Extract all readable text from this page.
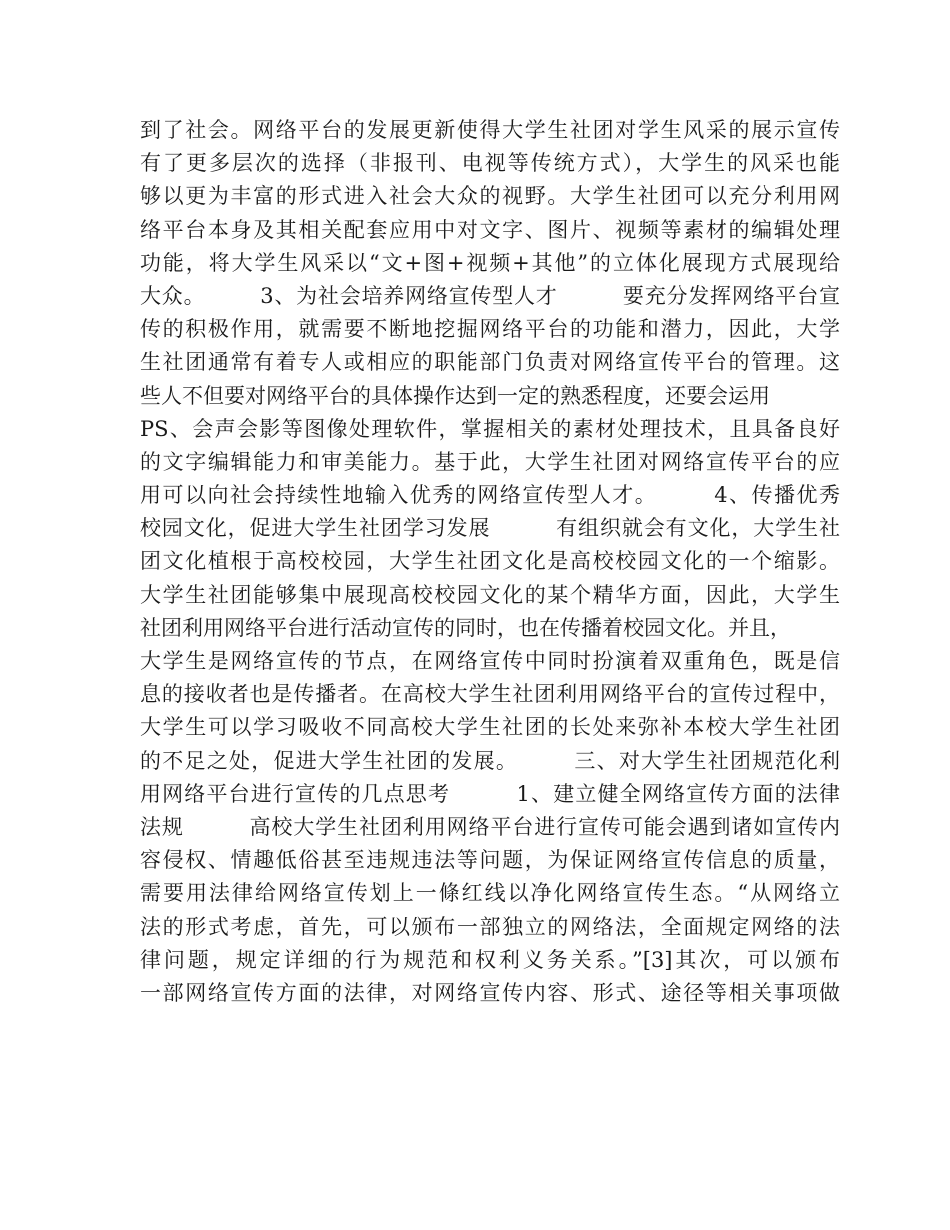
到了社会。网络平台的发展更新使得大学生社团对学生风采的展示宣传
有了更多层次的选择（非报刊、电视等传统方式），大学生的风采也能
够以更为丰富的形式进入社会大众的视野。大学生社团可以充分利用网
络平台本身及其相关配套应用中对文字、图片、视频等素材的编辑处理
功能，将大学生风采以“文+图+视频+其他”的立体化展现方式展现给
大众。　　　3、为社会培养网络宣传型人才　　　要充分发挥网络平台宣
传的积极作用，就需要不断地挖掘网络平台的功能和潜力，因此，大学
生社团通常有着专人或相应的职能部门负责对网络宣传平台的管理。这
些人不但要对网络平台的具体操作达到一定的熟悉程度，还要会运用
PS、会声会影等图像处理软件，掌握相关的素材处理技术，且具备良好
的文字编辑能力和审美能力。基于此，大学生社团对网络宣传平台的应
用可以向社会持续性地输入优秀的网络宣传型人才。　　　4、传播优秀
校园文化，促进大学生社团学习发展　　　有组织就会有文化，大学生社
团文化植根于高校校园，大学生社团文化是高校校园文化的一个缩影。
大学生社团能够集中展现高校校园文化的某个精华方面，因此，大学生
社团利用网络平台进行活动宣传的同时，也在传播着校园文化。并且，
大学生是网络宣传的节点，在网络宣传中同时扮演着双重角色，既是信
息的接收者也是传播者。在高校大学生社团利用网络平台的宣传过程中，
大学生可以学习吸收不同高校大学生社团的长处来弥补本校大学生社团
的不足之处，促进大学生社团的发展。　　　三、对大学生社团规范化利
用网络平台进行宣传的几点思考　　　1、建立健全网络宣传方面的法律
法规　　　高校大学生社团利用网络平台进行宣传可能会遇到诸如宣传内
容侵权、情趣低俗甚至违规违法等问题，为保证网络宣传信息的质量，
需要用法律给网络宣传划上一條红线以净化网络宣传生态。“从网络立
法的形式考虑，首先，可以颁布一部独立的网络法，全面规定网络的法
律问题，规定详细的行为规范和权利义务关系。”[3]其次，可以颁布
一部网络宣传方面的法律，对网络宣传内容、形式、途径等相关事项做
